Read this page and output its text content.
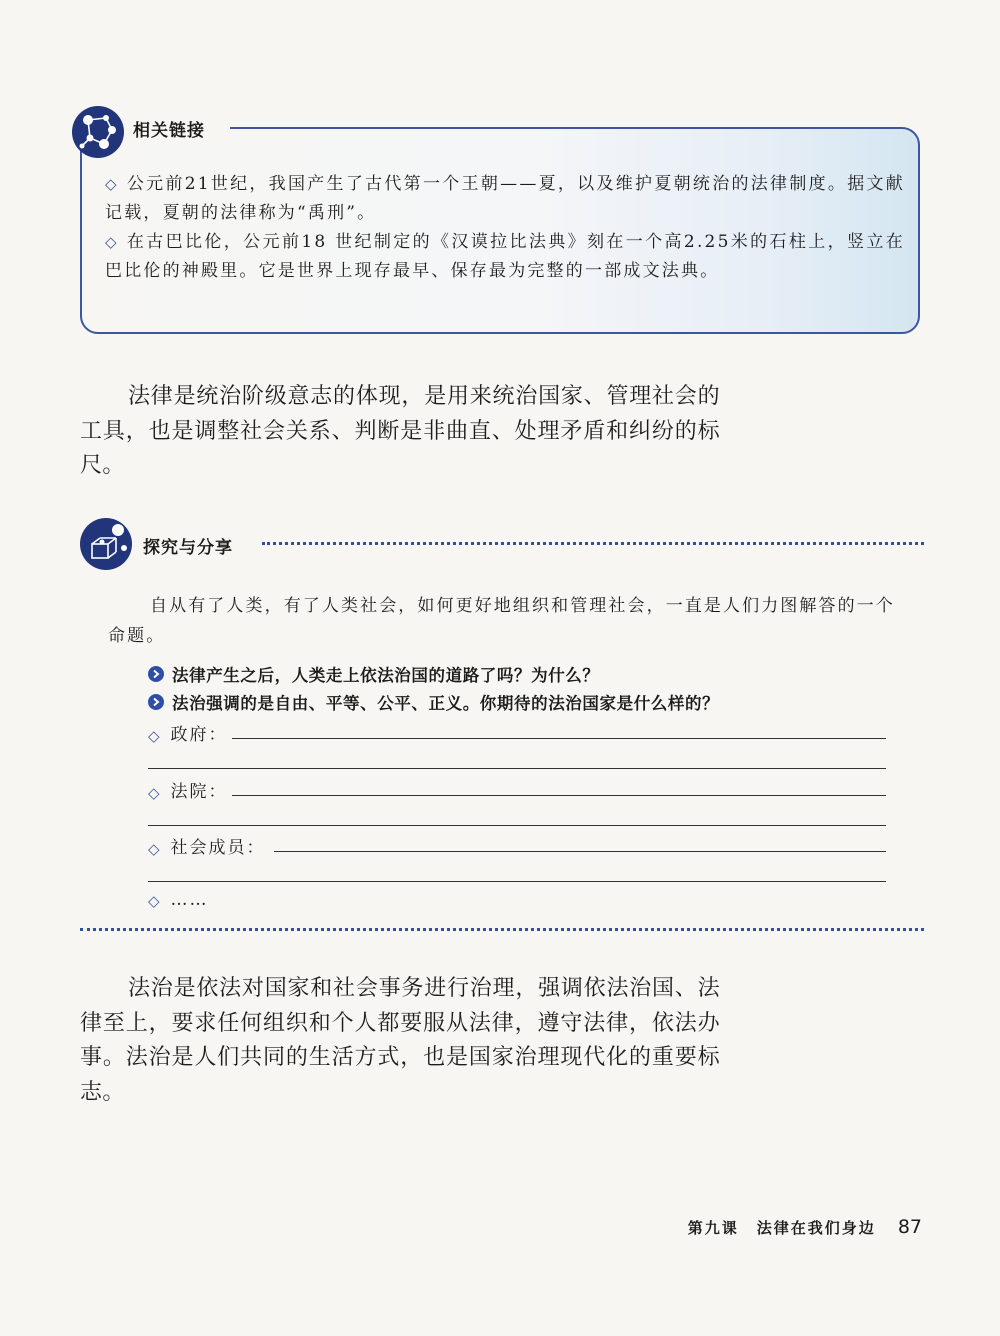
相关链接

◇ 公元前21世纪，我国产生了古代第一个王朝——夏，以及维护夏朝统治的法律制度。据文献记载，夏朝的法律称为“禹刑”。

◇ 在古巴比伦，公元前18 世纪制定的《汉谟拉比法典》刻在一个高2.25米的石柱上，竖立在巴比伦的神殿里。它是世界上现存最早、保存最为完整的一部成文法典。

法律是统治阶级意志的体现，是用来统治国家、管理社会的工具，也是调整社会关系、判断是非曲直、处理矛盾和纠纷的标尺。
探究与分享
自从有了人类，有了人类社会，如何更好地组织和管理社会，一直是人们力图解答的一个命题。
法律产生之后，人类走上依法治国的道路了吗？为什么？
法治强调的是自由、平等、公平、正义。你期待的法治国家是什么样的？
◇ 政府：
◇ 法院：
◇ 社会成员：
◇ ……
法治是依法对国家和社会事务进行治理，强调依法治国、法律至上，要求任何组织和个人都要服从法律，遵守法律，依法办事。法治是人们共同的生活方式，也是国家治理现代化的重要标志。
第九课 法律在我们身边 87
